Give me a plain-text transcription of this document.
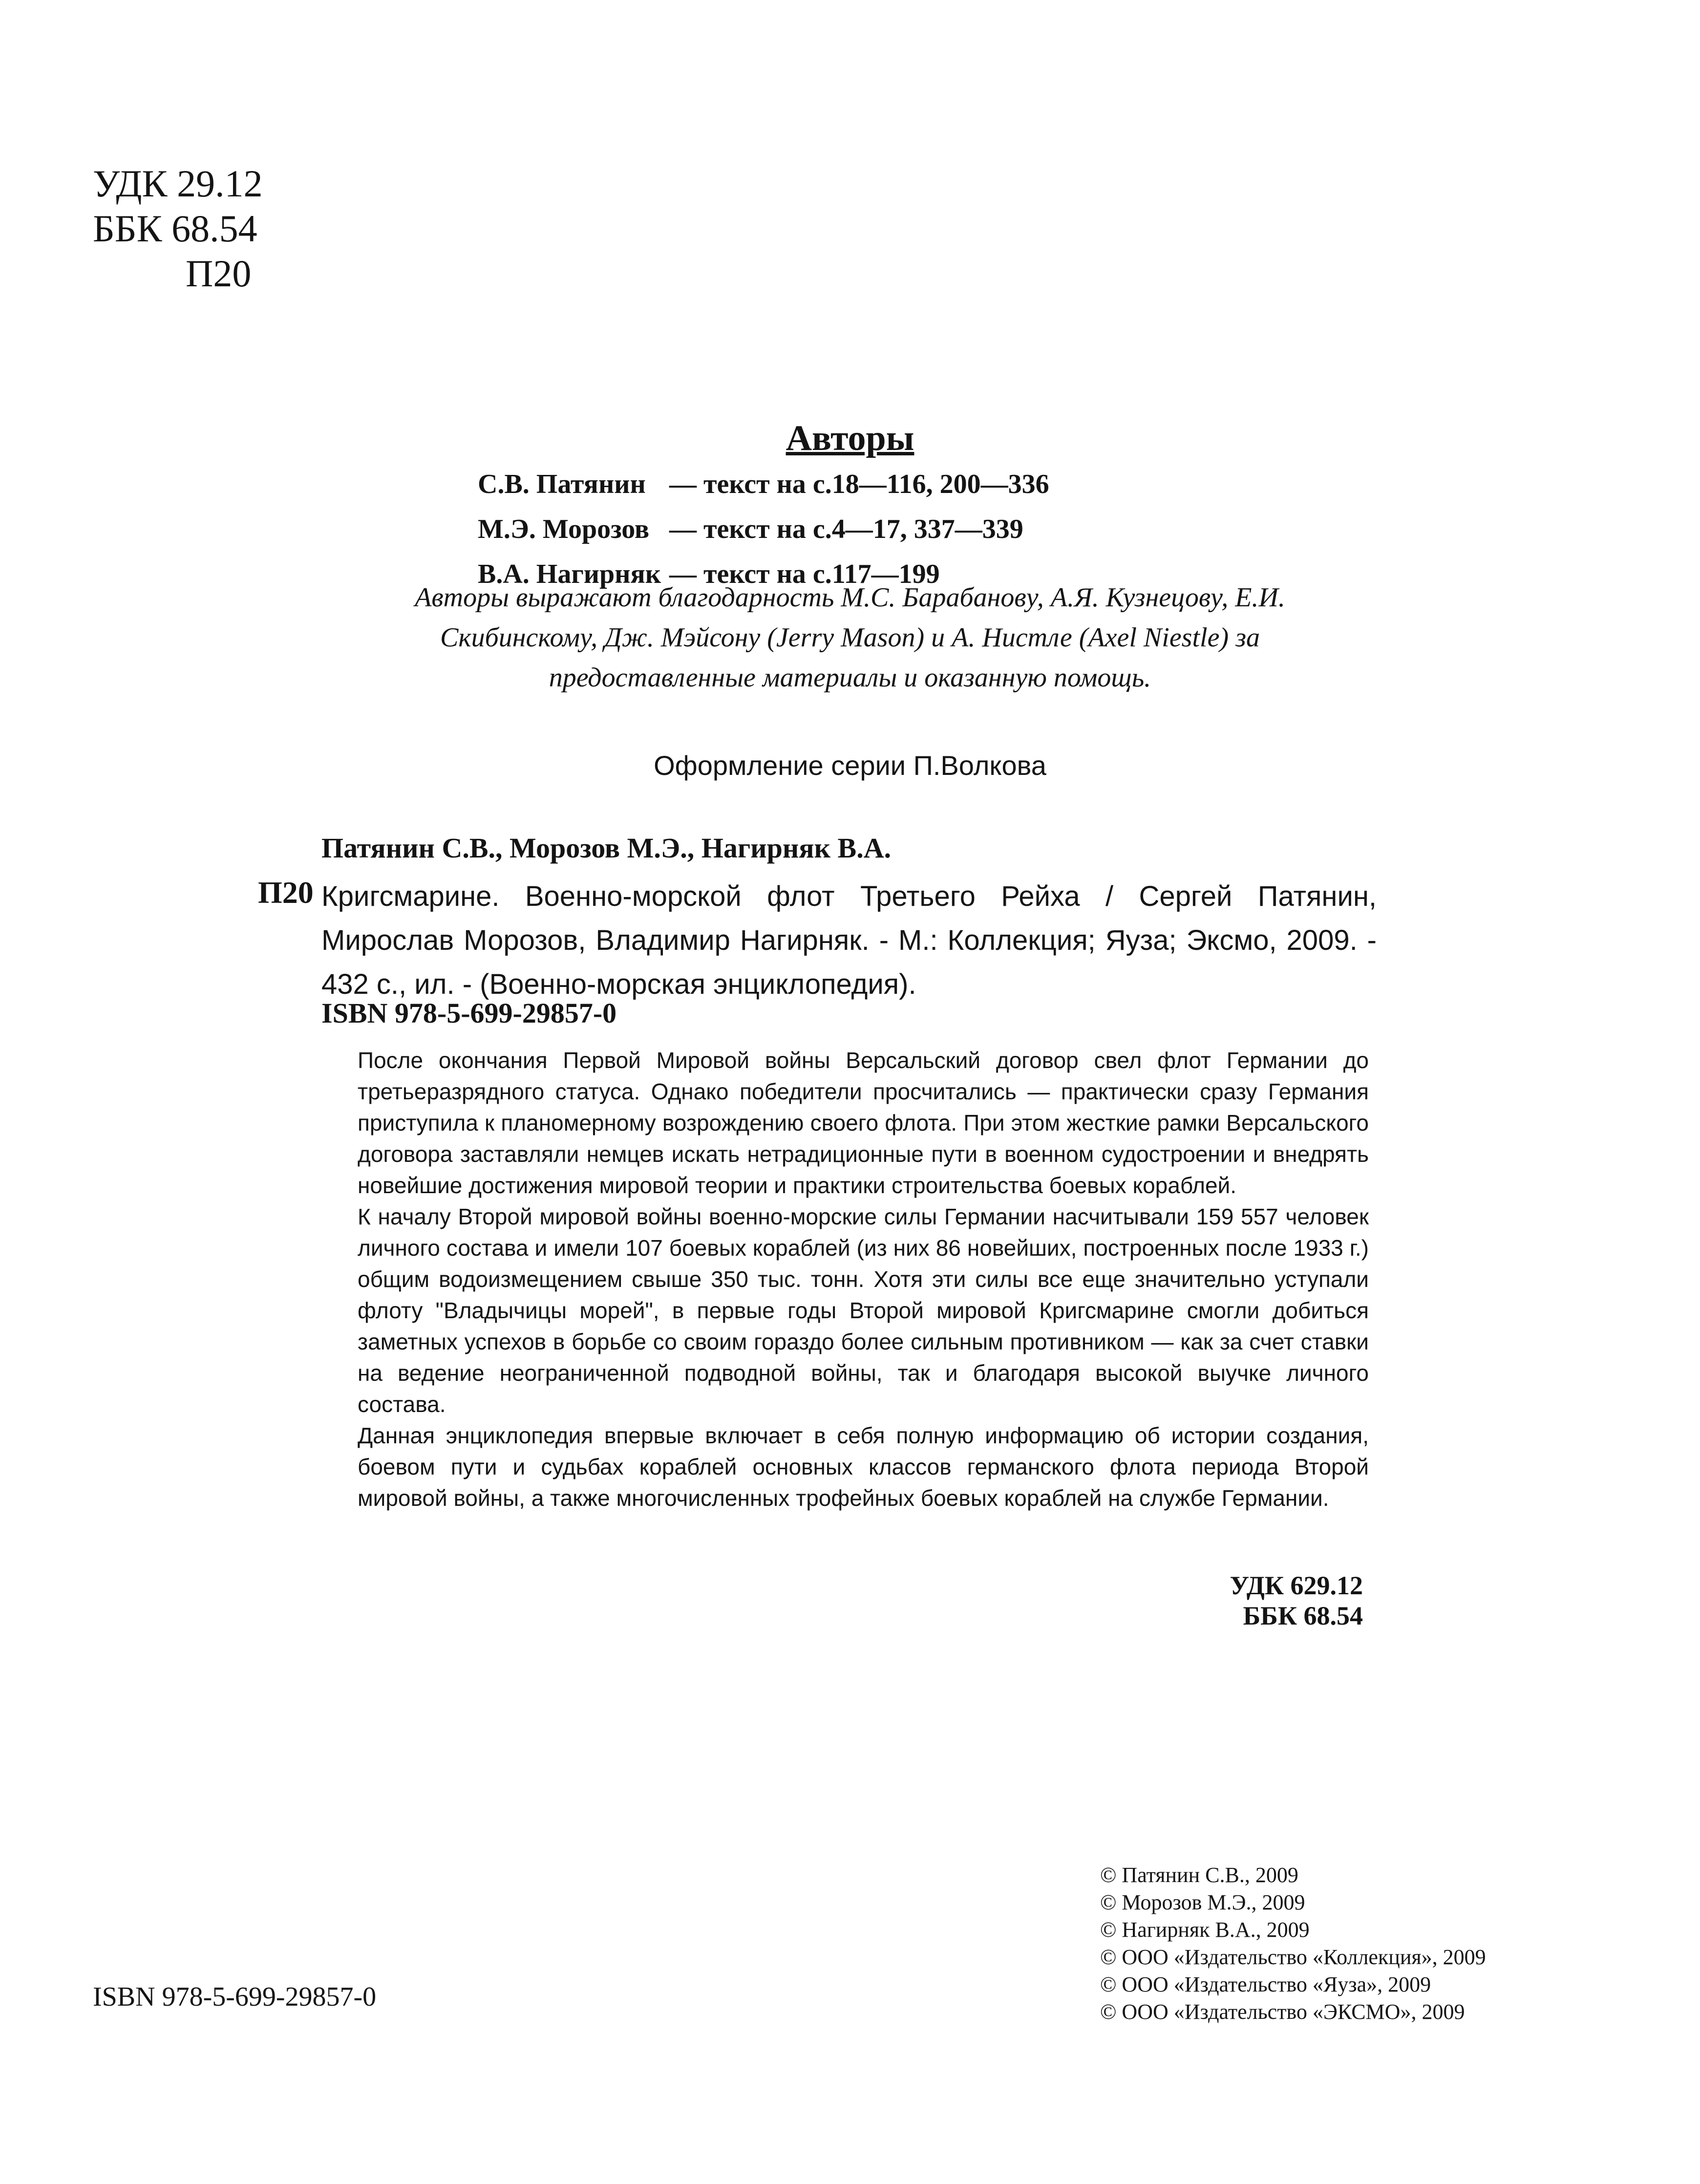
УДК 29.12
ББК 68.54
П20
Авторы
С.В. Патянин	— текст на с.18—116, 200—336
М.Э. Морозов	— текст на с.4—17, 337—339
В.А. Нагирняк	— текст на с.117—199
Авторы выражают благодарность М.С. Барабанову, А.Я. Кузнецову, Е.И.
Скибинскому, Дж. Мэйсону (Jerry Mason) и А. Нистле (Axel Niestle) за
предоставленные материалы и оказанную помощь.
Оформление серии П.Волкова
Патянин С.В., Морозов М.Э., Нагирняк В.А.
П20 Кригсмарине. Военно-морской флот Третьего Рейха / Сергей Патянин, Мирослав Морозов, Владимир Нагирняк. - М.: Коллекция; Яуза; Эксмо, 2009. - 432 с., ил. - (Военно-морская энциклопедия).
ISBN 978-5-699-29857-0

После окончания Первой Мировой войны Версальский договор свел флот Германии до третьеразрядного статуса. Однако победители просчитались — практически сразу Германия приступила к планомерному возрождению своего флота. При этом жесткие рамки Версальского договора заставляли немцев искать нетрадиционные пути в военном судостроении и внедрять новейшие достижения мировой теории и практики строительства боевых кораблей.

К началу Второй мировой войны военно-морские силы Германии насчитывали 159 557 человек личного состава и имели 107 боевых кораблей (из них 86 новейших, построенных после 1933 г.) общим водоизмещением свыше 350 тыс. тонн. Хотя эти силы все еще значительно уступали флоту "Владычицы морей", в первые годы Второй мировой Кригсмарине смогли добиться заметных успехов в борьбе со своим гораздо более сильным противником — как за счет ставки на ведение неограниченной подводной войны, так и благодаря высокой выучке личного состава.

Данная энциклопедия впервые включает в себя полную информацию об истории создания, боевом пути и судьбах кораблей основных классов германского флота периода Второй мировой войны, а также многочисленных трофейных боевых кораблей на службе Германии.

УДК 629.12
ББК 68.54
ISBN 978-5-699-29857-0
© Патянин С.В., 2009
© Морозов М.Э., 2009
© Нагирняк В.А., 2009
© ООО «Издательство «Коллекция», 2009
© ООО «Издательство «Яуза», 2009
© ООО «Издательство «ЭКСМО», 2009
